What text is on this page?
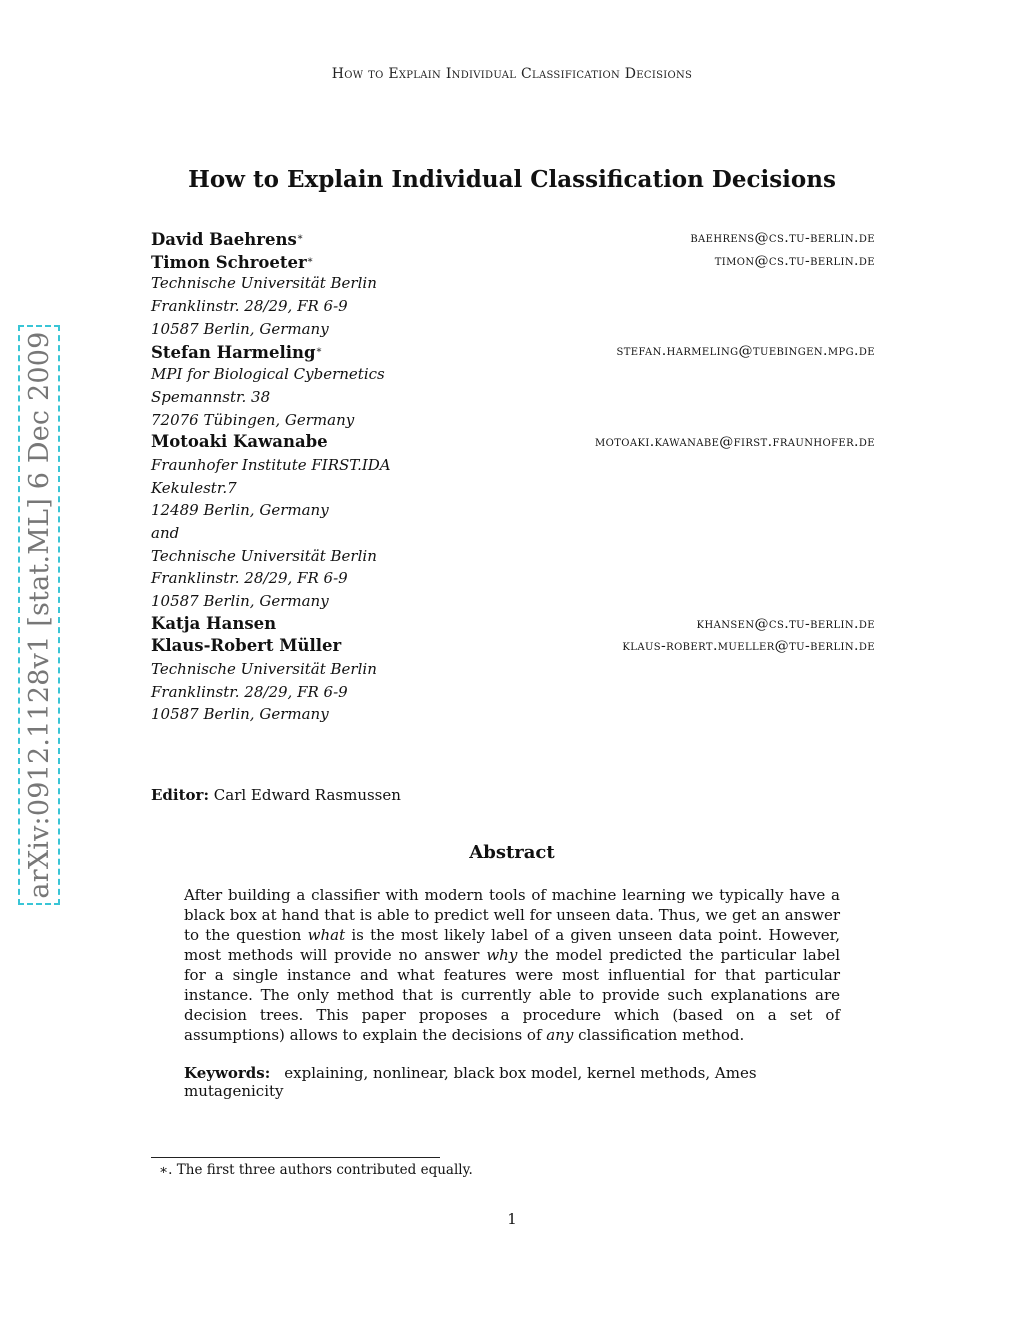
How to Explain Individual Classification Decisions
arXiv:0912.1128v1 [stat.ML] 6 Dec 2009
How to Explain Individual Classification Decisions
David Baehrens∗	baehrens@cs.tu-berlin.de
Timon Schroeter∗	timon@cs.tu-berlin.de
Technische Universität Berlin
Franklinstr. 28/29, FR 6-9
10587 Berlin, Germany
Stefan Harmeling∗	stefan.harmeling@tuebingen.mpg.de
MPI for Biological Cybernetics
Spemannstr. 38
72076 Tübingen, Germany
Motoaki Kawanabe	motoaki.kawanabe@first.fraunhofer.de
Fraunhofer Institute FIRST.IDA
Kekulestr.7
12489 Berlin, Germany
and
Technische Universität Berlin
Franklinstr. 28/29, FR 6-9
10587 Berlin, Germany
Katja Hansen	khansen@cs.tu-berlin.de
Klaus-Robert Müller	klaus-robert.mueller@tu-berlin.de
Technische Universität Berlin
Franklinstr. 28/29, FR 6-9
10587 Berlin, Germany
Editor: Carl Edward Rasmussen
Abstract
After building a classifier with modern tools of machine learning we typically have a black box at hand that is able to predict well for unseen data. Thus, we get an answer to the question what is the most likely label of a given unseen data point. However, most methods will provide no answer why the model predicted the particular label for a single instance and what features were most influential for that particular instance. The only method that is currently able to provide such explanations are decision trees. This paper proposes a procedure which (based on a set of assumptions) allows to explain the decisions of any classification method.
Keywords: explaining, nonlinear, black box model, kernel methods, Ames mutagenicity
∗. The first three authors contributed equally.
1
